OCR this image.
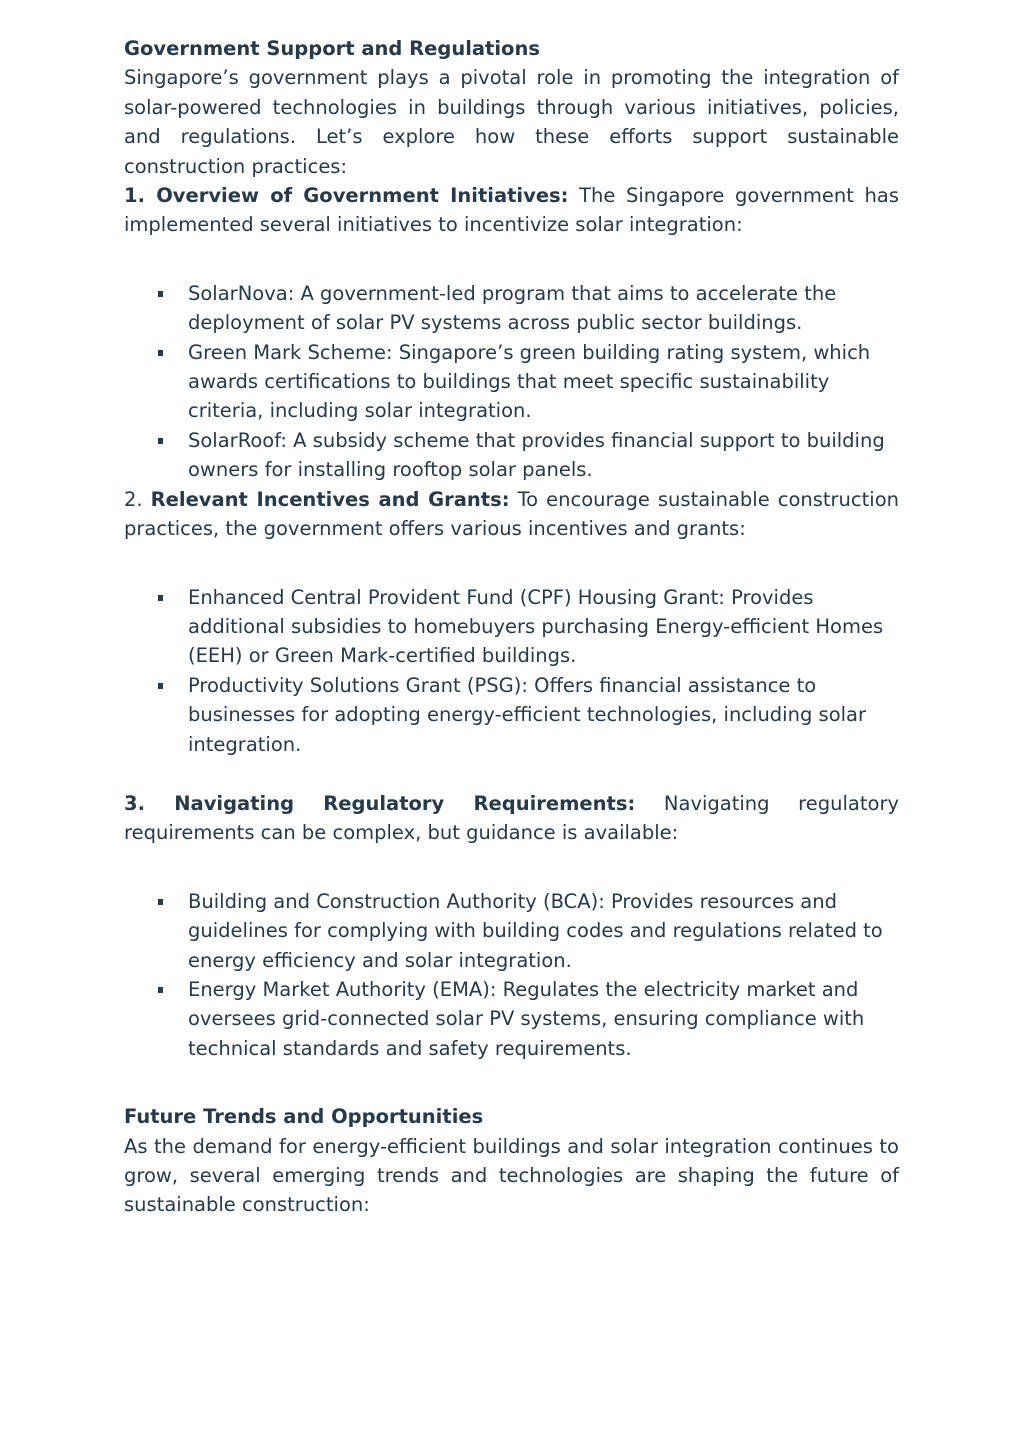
Government Support and Regulations

Singapore’s government plays a pivotal role in promoting the integration of solar-powered technologies in buildings through various initiatives, policies, and regulations. Let’s explore how these efforts support sustainable construction practices:

1. Overview of Government Initiatives: The Singapore government has implemented several initiatives to incentivize solar integration:

SolarNova: A government-led program that aims to accelerate the deployment of solar PV systems across public sector buildings.
Green Mark Scheme: Singapore’s green building rating system, which awards certifications to buildings that meet specific sustainability criteria, including solar integration.
SolarRoof: A subsidy scheme that provides financial support to building owners for installing rooftop solar panels.

2. Relevant Incentives and Grants: To encourage sustainable construction practices, the government offers various incentives and grants:

Enhanced Central Provident Fund (CPF) Housing Grant: Provides additional subsidies to homebuyers purchasing Energy-efficient Homes (EEH) or Green Mark-certified buildings.
Productivity Solutions Grant (PSG): Offers financial assistance to businesses for adopting energy-efficient technologies, including solar integration.

3. Navigating Regulatory Requirements: Navigating regulatory requirements can be complex, but guidance is available:

Building and Construction Authority (BCA): Provides resources and guidelines for complying with building codes and regulations related to energy efficiency and solar integration.
Energy Market Authority (EMA): Regulates the electricity market and oversees grid-connected solar PV systems, ensuring compliance with technical standards and safety requirements.

Future Trends and Opportunities

As the demand for energy-efficient buildings and solar integration continues to grow, several emerging trends and technologies are shaping the future of sustainable construction:
